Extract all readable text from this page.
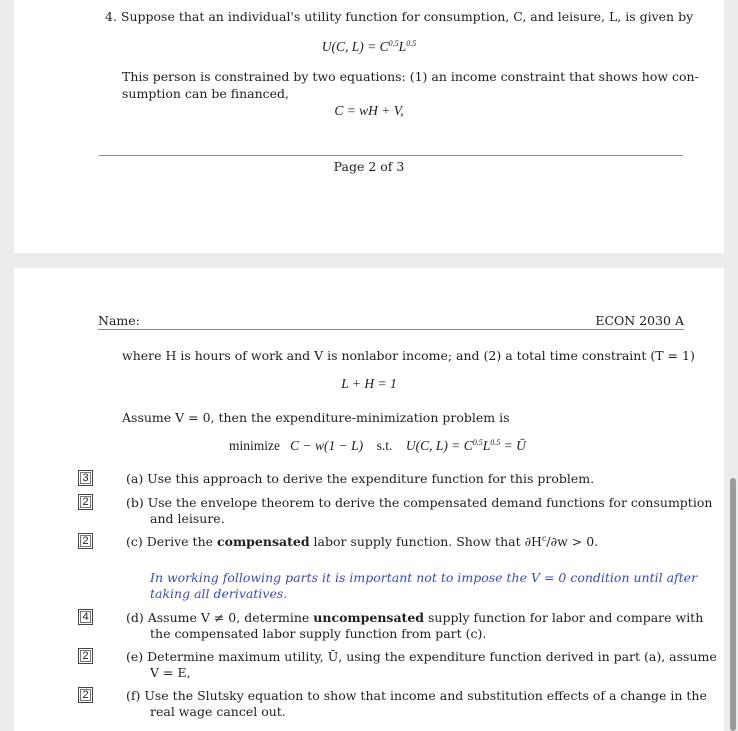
4. Suppose that an individual's utility function for consumption, C, and leisure, L, is given by
U(C, $L) = C^{0.5}L^{0.5}$
This person is constrained by two equations: (1) an income constraint that shows how con-
sumption can be financed,
C = wH + V,
Page 2 of 3
Name:	ECON 2030 A
where H is hours of work and V is nonlabor income; and (2) a total time constraint (T = 1)
L + H = 1
Assume V = 0, then the expenditure-minimization problem is
minimize C − w(1 − L) s.t. U(C, $L) = C^{0.5}L^{0.5}$ = Ū
3	(a) Use this approach to derive the expenditure function for this problem.
2	(b) Use the envelope theorem to derive the compensated demand functions for consumption
and leisure.
2	(c) Derive the compensated labor supply function. Show that $\partial H^c/\partial w > 0$.
In working following parts it is important not to impose the V = 0 condition until after
taking all derivatives.
4	(d) Assume V ≠ 0, determine uncompensated supply function for labor and compare with
the compensated labor supply function from part (c).
2	(e) Determine maximum utility, Ū, using the expenditure function derived in part (a), assume
V = E,
2	(f) Use the Slutsky equation to show that income and substitution effects of a change in the
real wage cancel out.
